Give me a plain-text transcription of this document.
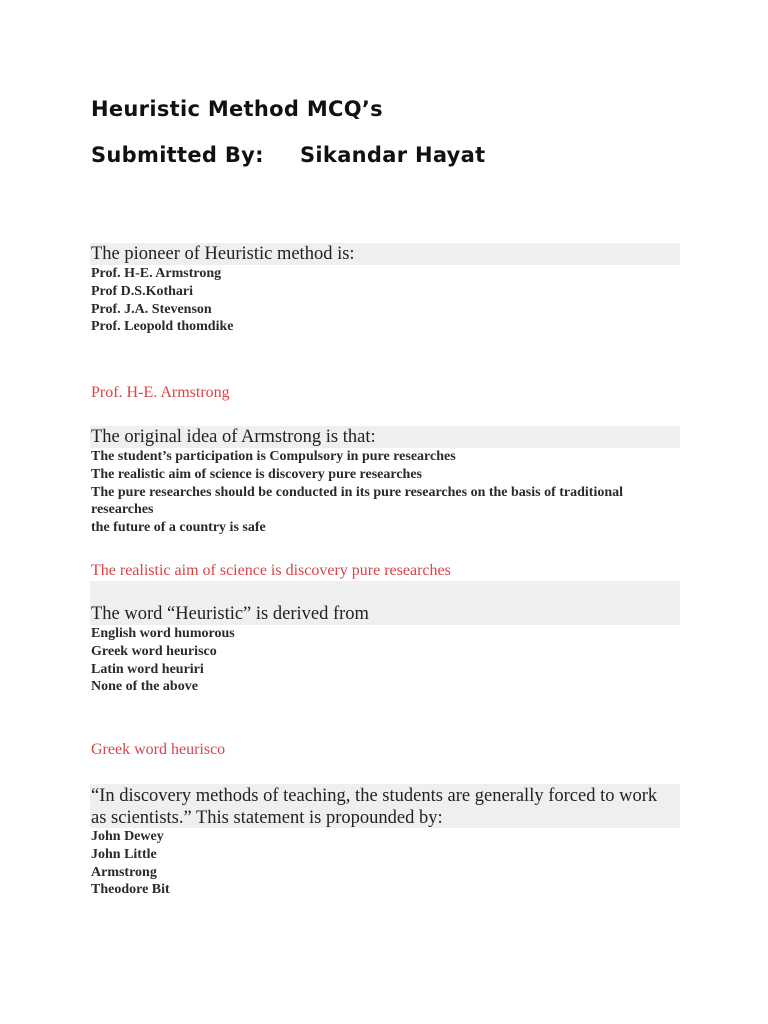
Heuristic Method MCQ’s
Submitted By: Sikandar Hayat
The pioneer of Heuristic method is:
Prof. H-E. Armstrong
Prof D.S.Kothari
Prof. J.A. Stevenson
Prof. Leopold thomdike
Prof. H-E. Armstrong
The original idea of Armstrong is that:
The student’s participation is Compulsory in pure researches
The realistic aim of science is discovery pure researches
The pure researches should be conducted in its pure researches on the basis of traditional researches
the future of a country is safe
The realistic aim of science is discovery pure researches
The word “Heuristic” is derived from
English word humorous
Greek word heurisco
Latin word heuriri
None of the above
Greek word heurisco
“In discovery methods of teaching, the students are generally forced to work as scientists.” This statement is propounded by:
John Dewey
John Little
Armstrong
Theodore Bit
